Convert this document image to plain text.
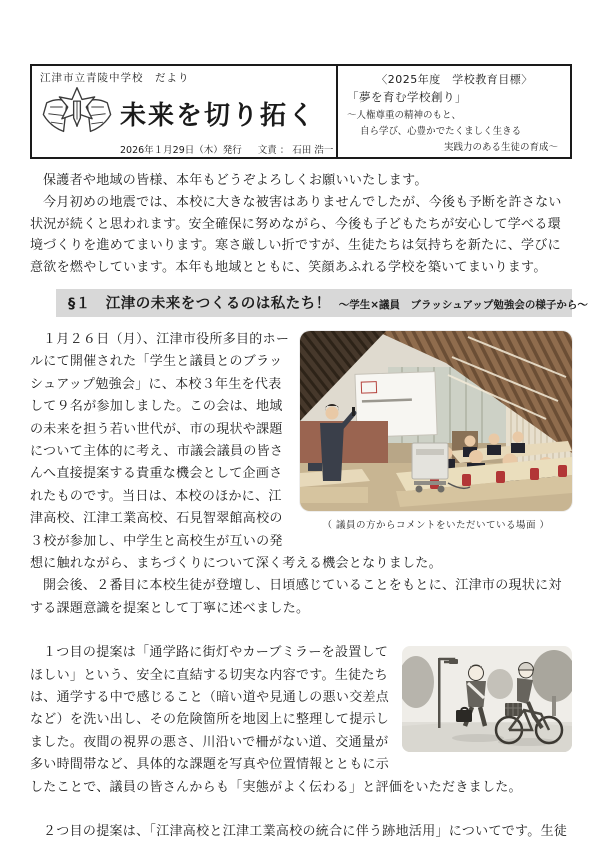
江津市立青陵中学校　だより
未来を切り拓く
2026年１月29日（木）発行 文責 ： 石田 浩一
〈2025年度　学校教育目標〉
「夢を育む学校創り」
～人権尊重の精神のもと、
自ら学び、心豊かでたくましく生きる
実践力のある生徒の育成～

保護者や地域の皆様、本年もどうぞよろしくお願いいたします。

今月初めの地震では、本校に大きな被害はありませんでしたが、今後も予断を許さない状況が続くと思われます。安全確保に努めながら、今後も子どもたちが安心して学べる環境づくりを進めてまいります。寒さ厳しい折ですが、生徒たちは気持ちを新たに、学びに意欲を燃やしています。本年も地域とともに、笑顔あふれる学校を築いてまいります。

§１　江津の未来をつくるのは私たち！ ～学生×議員　ブラッシュアップ勉強会の様子から～
（ 議員の方からコメントをいただいている場面 ）

１月２６日（月）、江津市役所多目的ホールにて開催された「学生と議員とのブラッシュアップ勉強会」に、本校３年生を代表して９名が参加しました。この会は、地域の未来を担う若い世代が、市の現状や課題について主体的に考え、市議会議員の皆さんへ直接提案する貴重な機会として企画されたものです。当日は、本校のほかに、江津高校、江津工業高校、石見智翠館高校の３校が参加し、中学生と高校生が互いの発想に触れながら、まちづくりについて深く考える機会となりました。

開会後、２番目に本校生徒が登壇し、日頃感じていることをもとに、江津市の現状に対する課題意識を提案として丁寧に述べました。

１つ目の提案は「通学路に街灯やカーブミラーを設置してほしい」という、安全に直結する切実な内容です。生徒たちは、通学する中で感じること（暗い道や見通しの悪い交差点など）を洗い出し、その危険箇所を地図上に整理して提示しました。夜間の視界の悪さ、川沿いで柵がない道、交通量が多い時間帯など、具体的な課題を写真や位置情報とともに示したことで、議員の皆さんからも「実態がよく伝わる」と評価をいただきました。

２つ目の提案は、「江津高校と江津工業高校の統合に伴う跡地活用」についてです。生徒
